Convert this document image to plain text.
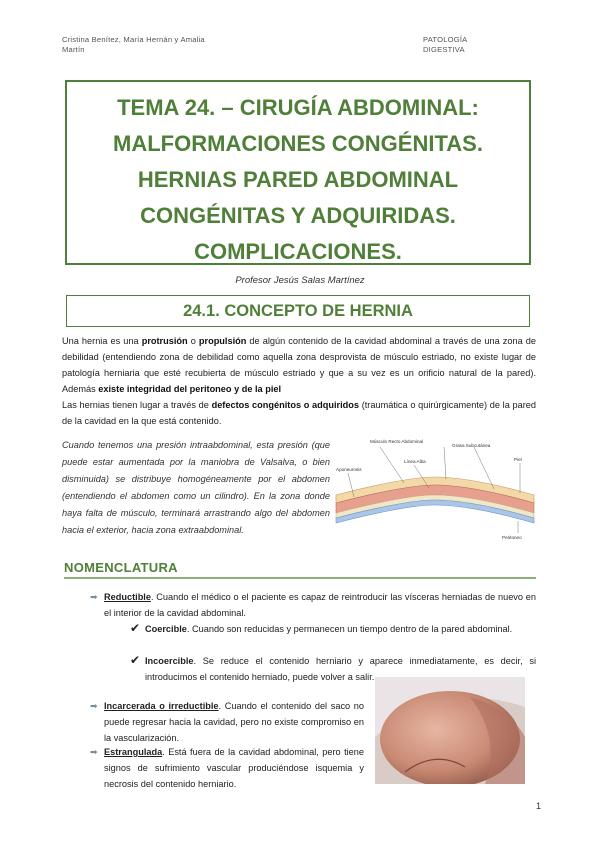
Cristina Benítez, María Hernán y Amalia
Martín
PATOLOGÍA
DIGESTIVA
TEMA 24. – CIRUGÍA ABDOMINAL:
MALFORMACIONES CONGÉNITAS.
HERNIAS PARED ABDOMINAL
CONGÉNITAS Y ADQUIRIDAS.
COMPLICACIONES.
Profesor Jesús Salas Martínez
24.1. CONCEPTO DE HERNIA
Una hernia es una protrusión o propulsión de algún contenido de la cavidad abdominal a través de una zona de debilidad (entendiendo zona de debilidad como aquella zona desprovista de músculo estriado, no existe lugar de patología herniaria que esté recubierta de músculo estriado y que a su vez es un orificio natural de la pared). Además existe integridad del peritoneo y de la piel
Las hernias tienen lugar a través de defectos congénitos o adquiridos (traumática o quirúrgicamente) de la pared de la cavidad en la que está contenido.
Cuando tenemos una presión intraabdominal, esta presión (que puede estar aumentada por la maniobra de Valsalva, o bien disminuida) se distribuye homogéneamente por el abdomen (entendiendo el abdomen como un cilindro). En la zona donde haya falta de músculo, terminará arrastrando algo del abdomen hacia el exterior, hacia zona extraabdominal.
Músculo Recto Abdominal
Grasa Subcutánea
Aponeurosis
Línea Alba	Piel
Peritoneo
NOMENCLATURA
➡ Reductible. Cuando el médico o el paciente es capaz de reintroducir las vísceras herniadas de nuevo en el interior de la cavidad abdominal.
✔ Coercible. Cuando son reducidas y permanecen un tiempo dentro de la pared abdominal.
✔ Incoercible. Se reduce el contenido herniario y aparece inmediatamente, es decir, si introducimos el contenido herniado, puede volver a salir.
➡ Incarcerada o irreductible. Cuando el contenido del saco no puede regresar hacia la cavidad, pero no existe compromiso en la vascularización.
➡ Estrangulada. Está fuera de la cavidad abdominal, pero tiene signos de sufrimiento vascular produciéndose isquemia y necrosis del contenido herniario.
1
